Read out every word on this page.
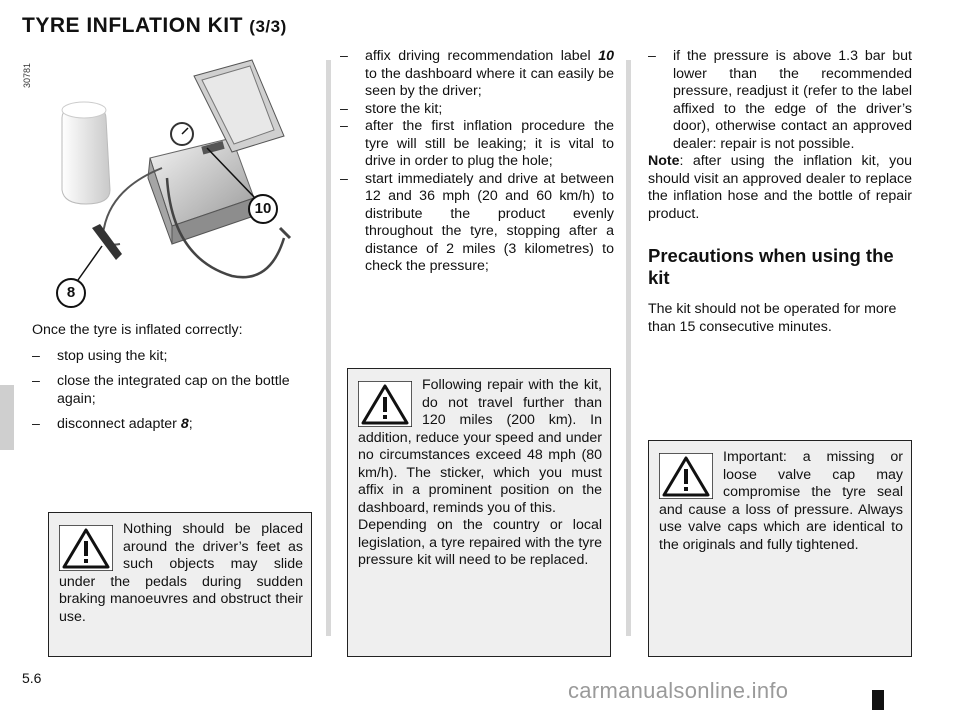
TYRE INFLATION KIT (3/3)
30781
10
8

Once the tyre is inflated correctly:

–	stop using the kit;
–	close the integrated cap on the bottle again;
–	disconnect adapter 8;
Nothing should be placed around the driver’s feet as such objects may slide under the pedals during sudden braking manoeuvres and obstruct their use.
–	affix driving recommendation label 10 to the dashboard where it can easily be seen by the driver;
–	store the kit;
–	after the first inflation procedure the tyre will still be leaking; it is vital to drive in order to plug the hole;
–	start immediately and drive at between 12 and 36 mph (20 and 60 km/h) to distribute the product evenly throughout the tyre, stopping after a distance of 2 miles (3 kilometres) to check the pressure;
Following repair with the kit, do not travel further than 120 miles (200 km). In addition, reduce your speed and under no circumstances exceed 48 mph (80 km/h). The sticker, which you must affix in a prominent position on the dashboard, reminds you of this.
Depending on the country or local legislation, a tyre repaired with the tyre pressure kit will need to be replaced.
–	if the pressure is above 1.3 bar but lower than the recommended pressure, readjust it (refer to the label affixed to the edge of the driver’s door), otherwise contact an approved dealer: repair is not possible.

Note: after using the inflation kit, you should visit an approved dealer to replace the inflation hose and the bottle of repair product.

Precautions when using the kit

The kit should not be operated for more than 15 consecutive minutes.

Important: a missing or loose valve cap may compromise the tyre seal and cause a loss of pressure. Always use valve caps which are identical to the originals and fully tightened.
5.6	carmanualsonline.info
